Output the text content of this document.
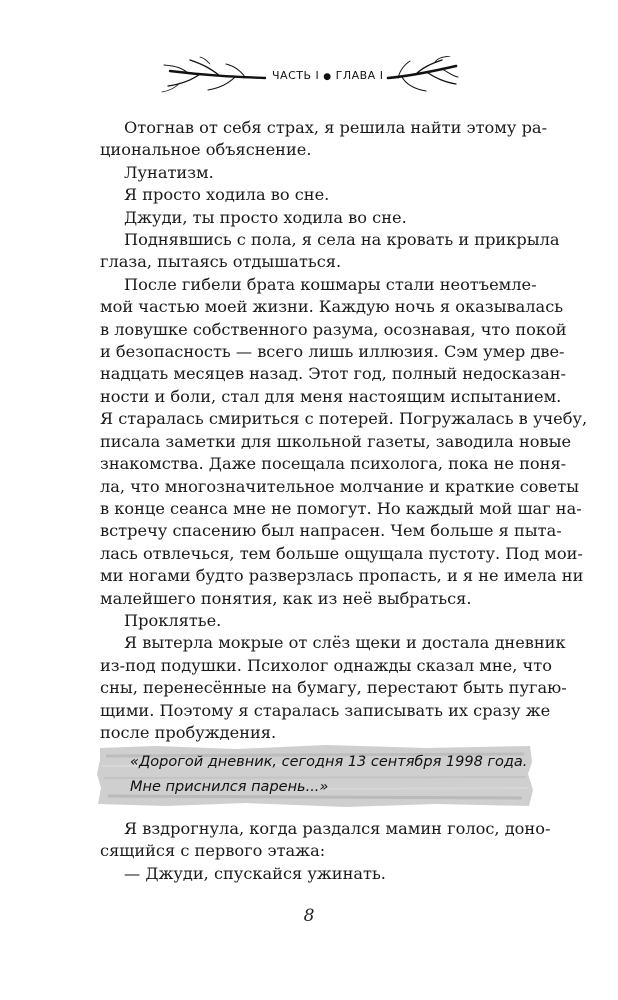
ЧАСТЬ I ● ГЛАВА I

Отогнав от себя страх, я решила найти этому ра-
циональное объяснение.

Лунатизм.

Я просто ходила во сне.

Джуди, ты просто ходила во сне.

Поднявшись с пола, я села на кровать и прикрыла
глаза, пытаясь отдышаться.

После гибели брата кошмары стали неотъемле-
мой частью моей жизни. Каждую ночь я оказывалась
в ловушке собственного разума, осознавая, что покой
и безопасность — всего лишь иллюзия. Сэм умер две-
надцать месяцев назад. Этот год, полный недосказан-
ности и боли, стал для меня настоящим испытанием.
Я старалась смириться с потерей. Погружалась в учебу,
писала заметки для школьной газеты, заводила новые
знакомства. Даже посещала психолога, пока не поня-
ла, что многозначительное молчание и краткие советы
в конце сеанса мне не помогут. Но каждый мой шаг на-
встречу спасению был напрасен. Чем больше я пыта-
лась отвлечься, тем больше ощущала пустоту. Под мои-
ми ногами будто разверзлась пропасть, и я не имела ни
малейшего понятия, как из неё выбраться.

Проклятье.

Я вытерла мокрые от слёз щеки и достала дневник
из-под подушки. Психолог однажды сказал мне, что
сны, перенесённые на бумагу, перестают быть пугаю-
щими. Поэтому я старалась записывать их сразу же
после пробуждения.

«Дорогой дневник, сегодня 13 сентября 1998 года.
Мне приснился парень...»

Я вздрогнула, когда раздался мамин голос, доно-
сящийся с первого этажа:

— Джуди, спускайся ужинать.

8
